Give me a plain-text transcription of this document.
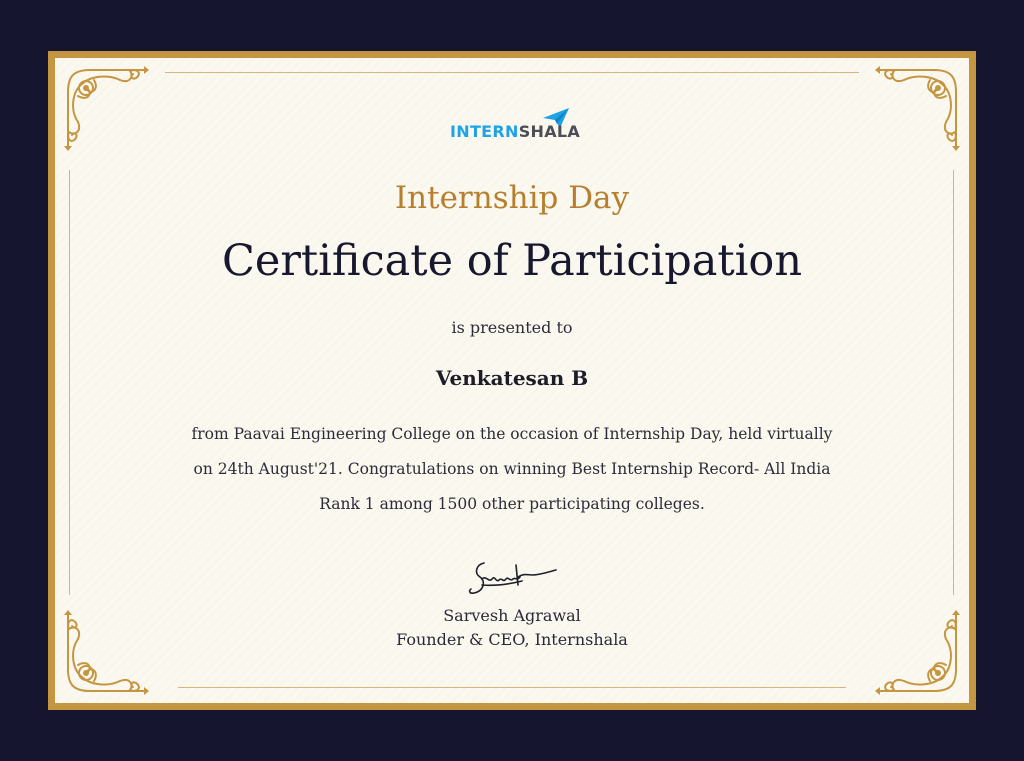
INTERNSHALA
Internship Day
Certificate of Participation
is presented to
Venkatesan B
from Paavai Engineering College on the occasion of Internship Day, held virtually
on 24th August'21. Congratulations on winning Best Internship Record- All India
Rank 1 among 1500 other participating colleges.
Sarvesh Agrawal
Founder & CEO, Internshala
